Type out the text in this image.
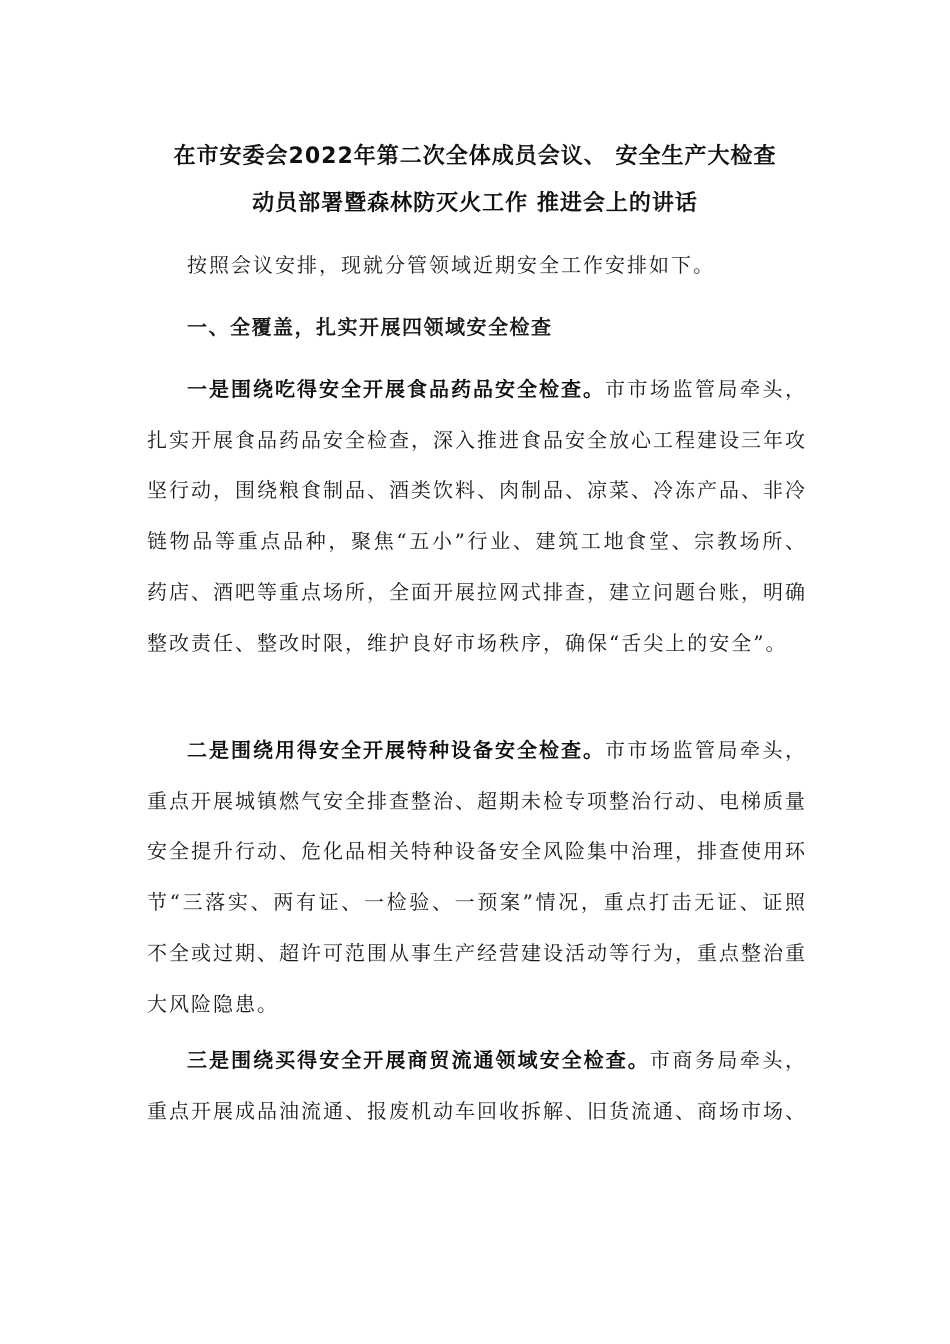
在市安委会2022年第二次全体成员会议、 安全生产大检查
动员部署暨森林防灭火工作 推进会上的讲话

按照会议安排，现就分管领域近期安全工作安排如下。

一、全覆盖，扎实开展四领域安全检查

一是围绕吃得安全开展食品药品安全检查。市市场监管局牵头，扎实开展食品药品安全检查，深入推进食品安全放心工程建设三年攻坚行动，围绕粮食制品、酒类饮料、肉制品、凉菜、冷冻产品、非冷链物品等重点品种，聚焦“五小”行业、建筑工地食堂、宗教场所、药店、酒吧等重点场所，全面开展拉网式排查，建立问题台账，明确整改责任、整改时限，维护良好市场秩序，确保“舌尖上的安全”。

二是围绕用得安全开展特种设备安全检查。市市场监管局牵头，重点开展城镇燃气安全排查整治、超期未检专项整治行动、电梯质量安全提升行动、危化品相关特种设备安全风险集中治理，排查使用环节“三落实、两有证、一检验、一预案”情况，重点打击无证、证照不全或过期、超许可范围从事生产经营建设活动等行为，重点整治重大风险隐患。

三是围绕买得安全开展商贸流通领域安全检查。市商务局牵头，重点开展成品油流通、报废机动车回收拆解、旧货流通、商场市场、
